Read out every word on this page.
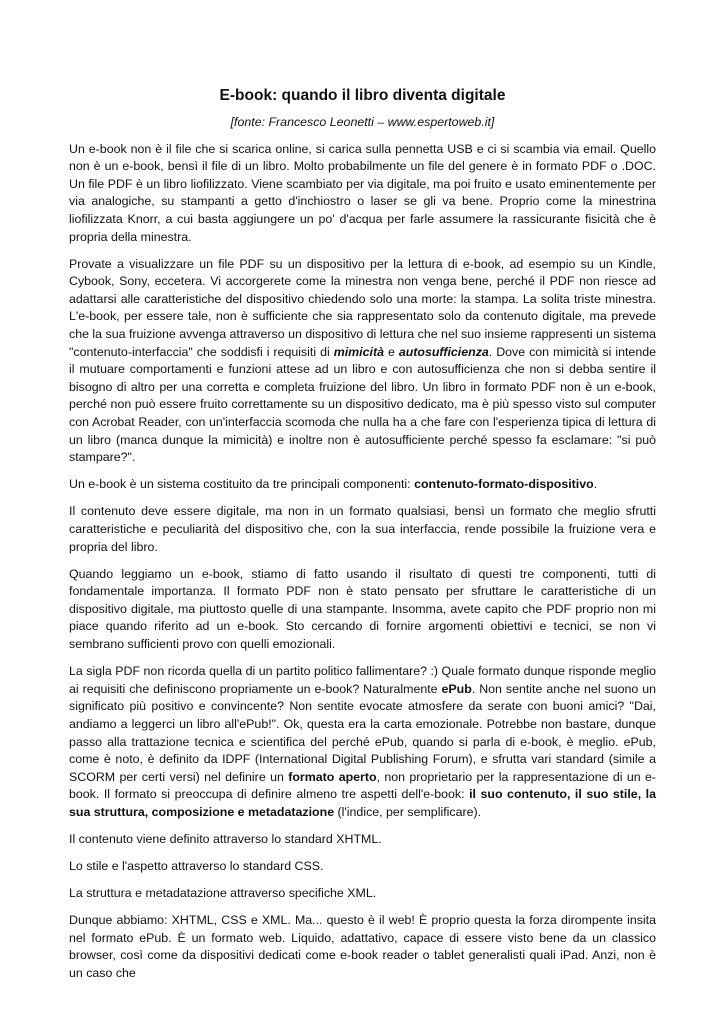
E-book: quando il libro diventa digitale
[fonte: Francesco Leonetti – www.espertoweb.it]

Un e-book non è il file che si scarica online, si carica sulla pennetta USB e ci si scambia via email. Quello non è un e-book, bensì il file di un libro. Molto probabilmente un file del genere è in formato PDF o .DOC. Un file PDF è un libro liofilizzato. Viene scambiato per via digitale, ma poi fruito e usato eminentemente per via analogiche, su stampanti a getto d'inchiostro o laser se gli va bene. Proprio come la minestrina liofilizzata Knorr, a cui basta aggiungere un po' d'acqua per farle assumere la rassicurante fisicità che è propria della minestra.

Provate a visualizzare un file PDF su un dispositivo per la lettura di e-book, ad esempio su un Kindle, Cybook, Sony, eccetera. Vi accorgerete come la minestra non venga bene, perché il PDF non riesce ad adattarsi alle caratteristiche del dispositivo chiedendo solo una morte: la stampa. La solita triste minestra. L'e-book, per essere tale, non è sufficiente che sia rappresentato solo da contenuto digitale, ma prevede che la sua fruizione avvenga attraverso un dispositivo di lettura che nel suo insieme rappresenti un sistema "contenuto-interfaccia" che soddisfi i requisiti di mimicità e autosufficienza. Dove con mimicità si intende il mutuare comportamenti e funzioni attese ad un libro e con autosufficienza che non si debba sentire il bisogno di altro per una corretta e completa fruizione del libro. Un libro in formato PDF non è un e-book, perché non può essere fruito correttamente su un dispositivo dedicato, ma è più spesso visto sul computer con Acrobat Reader, con un'interfaccia scomoda che nulla ha a che fare con l'esperienza tipica di lettura di un libro (manca dunque la mimicità) e inoltre non è autosufficiente perché spesso fa esclamare: "si può stampare?".

Un e-book è un sistema costituito da tre principali componenti: contenuto-formato-dispositivo.

Il contenuto deve essere digitale, ma non in un formato qualsiasi, bensì un formato che meglio sfrutti caratteristiche e peculiarità del dispositivo che, con la sua interfaccia, rende possibile la fruizione vera e propria del libro.

Quando leggiamo un e-book, stiamo di fatto usando il risultato di questi tre componenti, tutti di fondamentale importanza. Il formato PDF non è stato pensato per sfruttare le caratteristiche di un dispositivo digitale, ma piuttosto quelle di una stampante. Insomma, avete capito che PDF proprio non mi piace quando riferito ad un e-book. Sto cercando di fornire argomenti obiettivi e tecnici, se non vi sembrano sufficienti provo con quelli emozionali.

La sigla PDF non ricorda quella di un partito politico fallimentare? :) Quale formato dunque risponde meglio ai requisiti che definiscono propriamente un e-book? Naturalmente ePub. Non sentite anche nel suono un significato più positivo e convincente? Non sentite evocate atmosfere da serate con buoni amici? "Dai, andiamo a leggerci un libro all'ePub!". Ok, questa era la carta emozionale. Potrebbe non bastare, dunque passo alla trattazione tecnica e scientifica del perché ePub, quando si parla di e-book, è meglio. ePub, come è noto, è definito da IDPF (International Digital Publishing Forum), e sfrutta vari standard (simile a SCORM per certi versi) nel definire un formato aperto, non proprietario per la rappresentazione di un e-book. Il formato si preoccupa di definire almeno tre aspetti dell'e-book: il suo contenuto, il suo stile, la sua struttura, composizione e metadatazione (l'indice, per semplificare).

Il contenuto viene definito attraverso lo standard XHTML.

Lo stile e l'aspetto attraverso lo standard CSS.

La struttura e metadatazione attraverso specifiche XML.

Dunque abbiamo: XHTML, CSS e XML. Ma... questo è il web! È proprio questa la forza dirompente insita nel formato ePub. È un formato web. Liquido, adattativo, capace di essere visto bene da un classico browser, così come da dispositivi dedicati come e-book reader o tablet generalisti quali iPad. Anzi, non è un caso che
